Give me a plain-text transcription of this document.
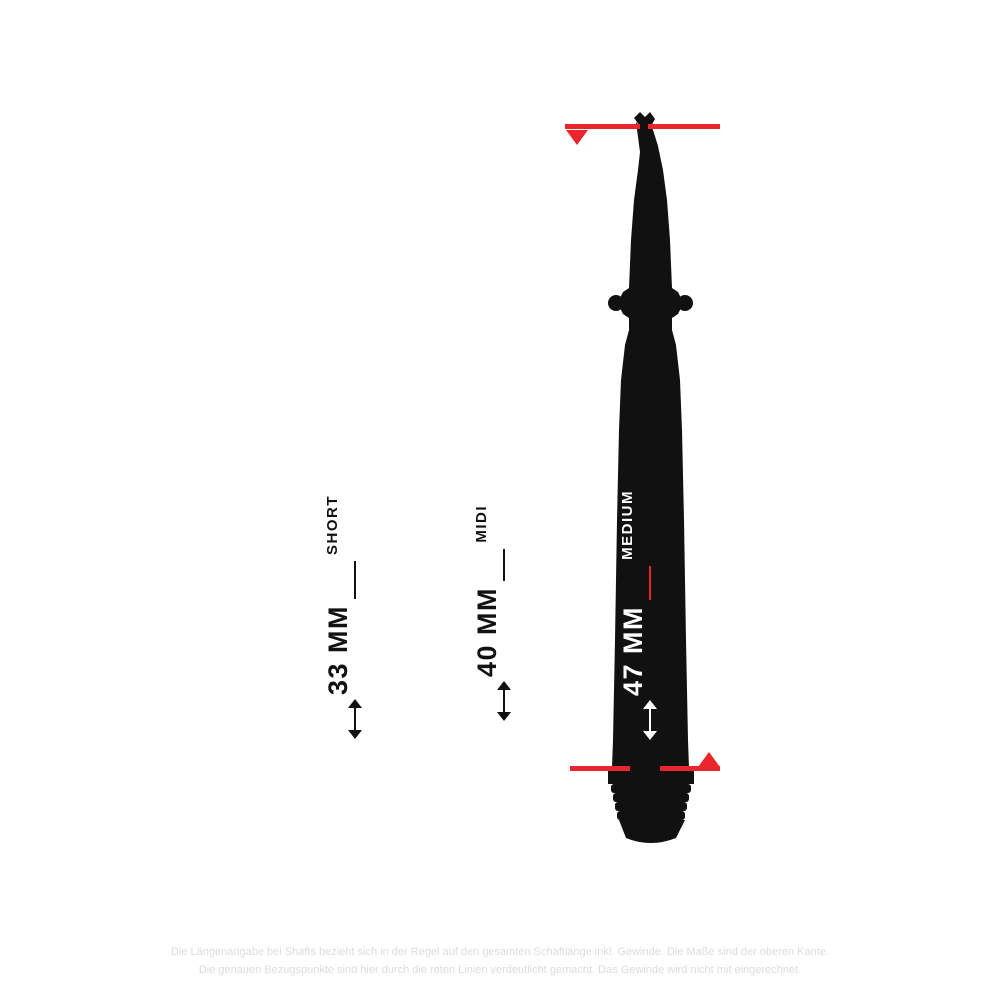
SHORT
33 MM
MIDI
40 MM
MEDIUM
47 MM
Die Längenangabe bei Shafts bezieht sich in der Regel auf den gesamten Schaftlänge inkl. Gewinde. Die Maße sind der oberen Kante.
Die genauen Bezugspunkte sind hier durch die roten Linien verdeutlicht gemacht. Das Gewinde wird nicht mit eingerechnet.
